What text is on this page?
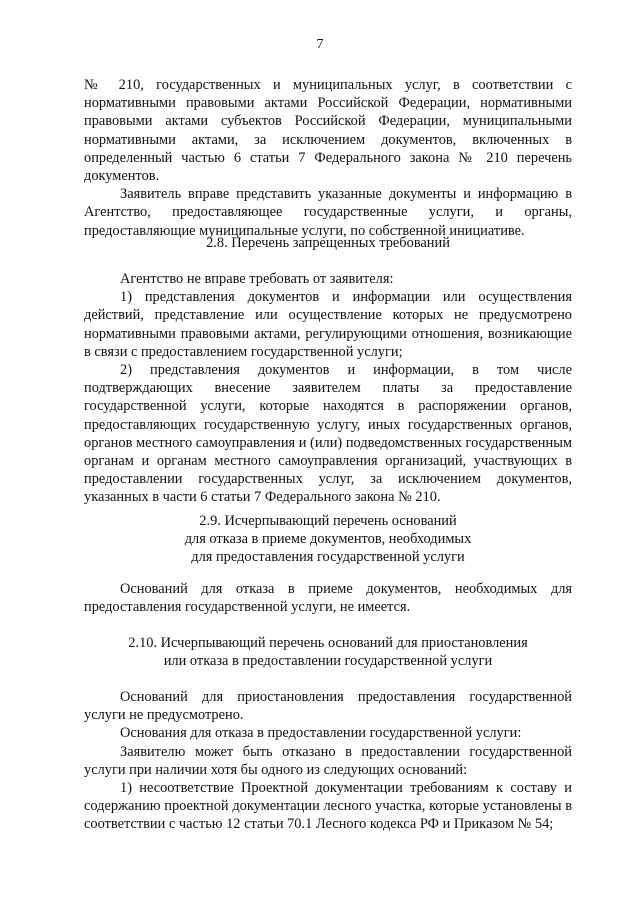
7

№ 210, государственных и муниципальных услуг, в соответствии с нормативными правовыми актами Российской Федерации, нормативными правовыми актами субъектов Российской Федерации, муниципальными нормативными актами, за исключением документов, включенных в определенный частью 6 статьи 7 Федерального закона № 210 перечень документов.

Заявитель вправе представить указанные документы и информацию в Агентство, предоставляющее государственные услуги, и органы, предоставляющие муниципальные услуги, по собственной инициативе.

2.8. Перечень запрещенных требований

Агентство не вправе требовать от заявителя:

1) представления документов и информации или осуществления действий, представление или осуществление которых не предусмотрено нормативными правовыми актами, регулирующими отношения, возникающие в связи с предоставлением государственной услуги;

2) представления документов и информации, в том числе подтверждающих внесение заявителем платы за предоставление государственной услуги, которые находятся в распоряжении органов, предоставляющих государственную услугу, иных государственных органов, органов местного самоуправления и (или) подведомственных государственным органам и органам местного самоуправления организаций, участвующих в предоставлении государственных услуг, за исключением документов, указанных в части 6 статьи 7 Федерального закона № 210.

2.9. Исчерпывающий перечень оснований

для отказа в приеме документов, необходимых

для предоставления государственной услуги

Оснований для отказа в приеме документов, необходимых для предоставления государственной услуги, не имеется.

2.10. Исчерпывающий перечень оснований для приостановления

или отказа в предоставлении государственной услуги

Оснований для приостановления предоставления государственной услуги не предусмотрено.

Основания для отказа в предоставлении государственной услуги:

Заявителю может быть отказано в предоставлении государственной услуги при наличии хотя бы одного из следующих оснований:

1) несоответствие Проектной документации требованиям к составу и содержанию проектной документации лесного участка, которые установлены в соответствии с частью 12 статьи 70.1 Лесного кодекса РФ и Приказом № 54;
